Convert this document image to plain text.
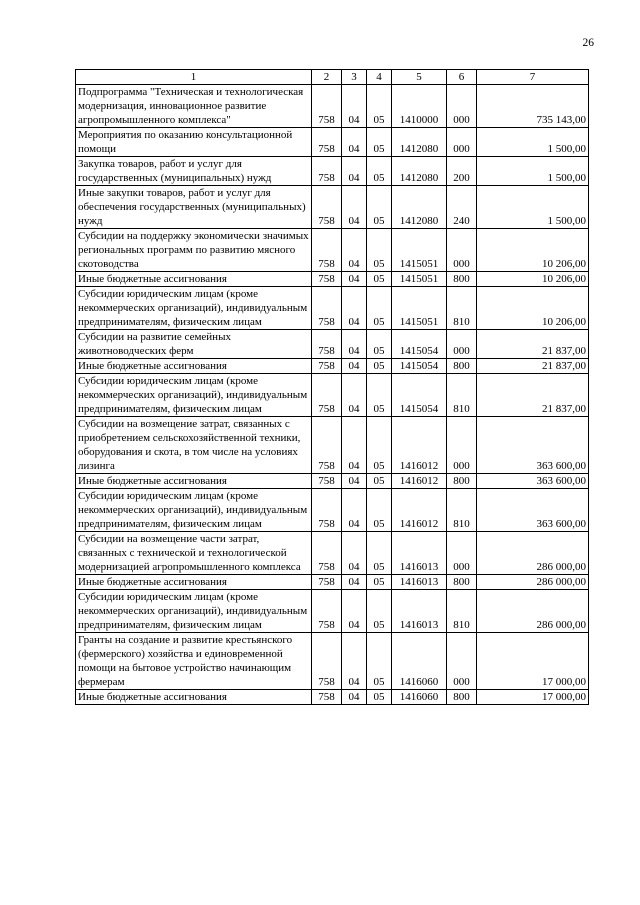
26
1	2	3	4	5	6	7
Подпрограмма "Техническая и технологическая модернизация, инновационное развитие агропромышленного комплекса"	758	04	05	1410000	000	735 143,00
Мероприятия по оказанию консультационной помощи	758	04	05	1412080	000	1 500,00
Закупка товаров, работ и услуг для государственных (муниципальных) нужд	758	04	05	1412080	200	1 500,00
Иные закупки товаров, работ и услуг для обеспечения государственных (муниципальных) нужд	758	04	05	1412080	240	1 500,00
Субсидии на поддержку экономически значимых региональных программ по развитию мясного скотоводства	758	04	05	1415051	000	10 206,00
Иные бюджетные ассигнования	758	04	05	1415051	800	10 206,00
Субсидии юридическим лицам (кроме некоммерческих организаций), индивидуальным предпринимателям, физическим лицам	758	04	05	1415051	810	10 206,00
Субсидии на развитие семейных животноводческих ферм	758	04	05	1415054	000	21 837,00
Иные бюджетные ассигнования	758	04	05	1415054	800	21 837,00
Субсидии юридическим лицам (кроме некоммерческих организаций), индивидуальным предпринимателям, физическим лицам	758	04	05	1415054	810	21 837,00
Субсидии на возмещение затрат, связанных с приобретением сельскохозяйственной техники, оборудования и скота, в том числе на условиях лизинга	758	04	05	1416012	000	363 600,00
Иные бюджетные ассигнования	758	04	05	1416012	800	363 600,00
Субсидии юридическим лицам (кроме некоммерческих организаций), индивидуальным предпринимателям, физическим лицам	758	04	05	1416012	810	363 600,00
Субсидии на возмещение части затрат, связанных с технической и технологической модернизацией агропромышленного комплекса	758	04	05	1416013	000	286 000,00
Иные бюджетные ассигнования	758	04	05	1416013	800	286 000,00
Субсидии юридическим лицам (кроме некоммерческих организаций), индивидуальным предпринимателям, физическим лицам	758	04	05	1416013	810	286 000,00
Гранты на создание и развитие крестьянского (фермерского) хозяйства и единовременной помощи на бытовое устройство начинающим фермерам	758	04	05	1416060	000	17 000,00
Иные бюджетные ассигнования	758	04	05	1416060	800	17 000,00
